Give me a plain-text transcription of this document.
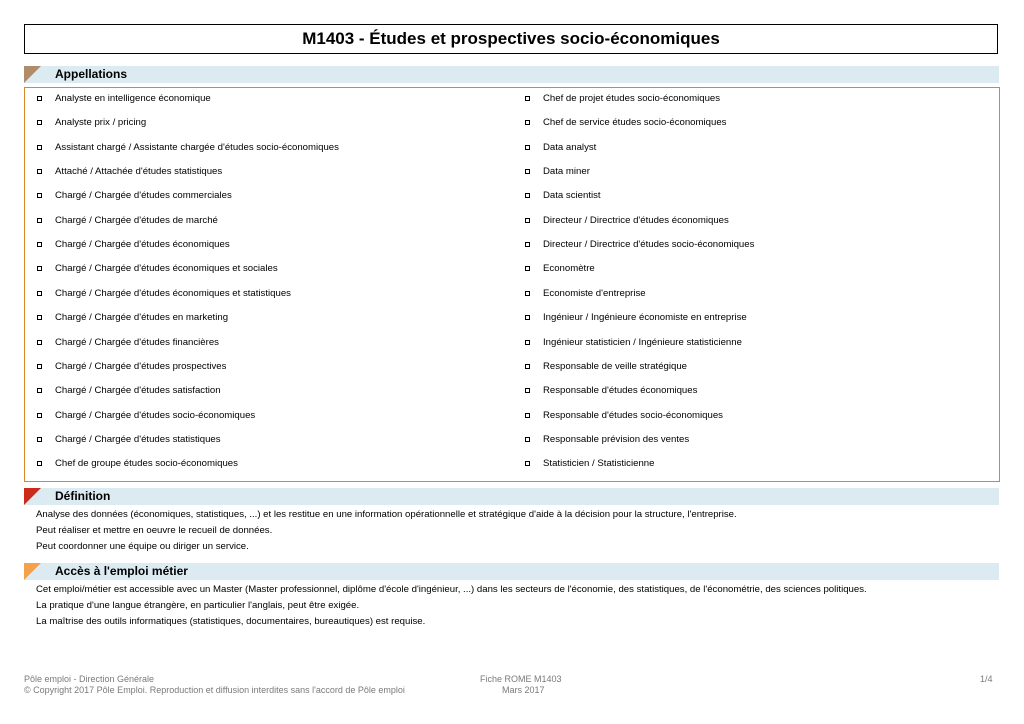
M1403 - Études et prospectives socio-économiques
Appellations
Analyste en intelligence économique
Analyste prix / pricing
Assistant chargé / Assistante chargée d'études socio-économiques
Attaché / Attachée d'études statistiques
Chargé / Chargée d'études commerciales
Chargé / Chargée d'études de marché
Chargé / Chargée d'études économiques
Chargé / Chargée d'études économiques et sociales
Chargé / Chargée d'études économiques et statistiques
Chargé / Chargée d'études en marketing
Chargé / Chargée d'études financières
Chargé / Chargée d'études prospectives
Chargé / Chargée d'études satisfaction
Chargé / Chargée d'études socio-économiques
Chargé / Chargée d'études statistiques
Chef de groupe études socio-économiques
Chef de projet études socio-économiques
Chef de service études socio-économiques
Data analyst
Data miner
Data scientist
Directeur / Directrice d'études économiques
Directeur / Directrice d'études socio-économiques
Economètre
Economiste d'entreprise
Ingénieur / Ingénieure économiste en entreprise
Ingénieur statisticien / Ingénieure statisticienne
Responsable de veille stratégique
Responsable d'études économiques
Responsable d'études socio-économiques
Responsable prévision des ventes
Statisticien / Statisticienne
Définition
Analyse des données (économiques, statistiques, ...) et les restitue en une information opérationnelle et stratégique d'aide à la décision pour la structure, l'entreprise.
Peut réaliser et mettre en oeuvre le recueil de données.
Peut coordonner une équipe ou diriger un service.
Accès à l'emploi métier
Cet emploi/métier est accessible avec un Master (Master professionnel, diplôme d'école d'ingénieur, ...) dans les secteurs de l'économie, des statistiques, de l'économétrie, des sciences politiques.
La pratique d'une langue étrangère, en particulier l'anglais, peut être exigée.
La maîtrise des outils informatiques (statistiques, documentaires, bureautiques) est requise.
Pôle emploi - Direction Générale
© Copyright 2017 Pôle Emploi. Reproduction et diffusion interdites sans l'accord de Pôle emploi
Fiche ROME M1403
Mars 2017
1/4
